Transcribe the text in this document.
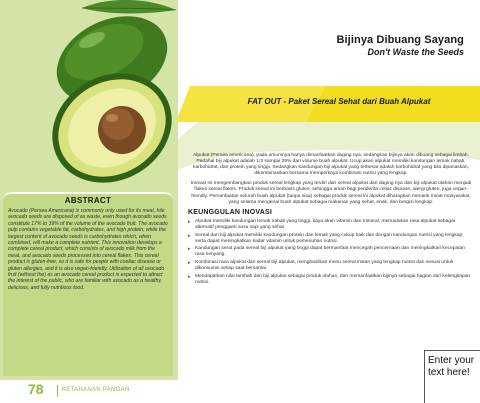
Bijinya Dibuang Sayang
Don't Waste the Seeds
FAT OUT - Paket Sereal Sehat dari Buah Alpukat

Alpukat (Persea americana), pada umumnya hanya dimanfaatkan daging nya, sedangkan bijinya akan dibuang sebagai limbah. Padahal biji alpukat adalah 1/3 sampai 29% dari volume buah alpukat. Ucup akan alpukat memiliki kandungan lemak nabati, karbohidrat, dan protein yang tinggi. Sedangkan kandungan biji alpukat yang terbesar adalah karbohidrat yang bila dipanaskan, dikombinasikan bersama memperkaya kombinasi nutrisi yang lengkap.

Inovasi ini mengembangkan produk sereal lengkap yang terdiri dari sereal alpukat dari daging nya dan biji alpukat olahan menjadi flakes sereal flakes. Produk sereal ini berbasis gluten, sehingga aman bagi penderita celiac disease, alergi gluten, juga vegan-friendly. Pemanfaatan seluruh buah alpukat (tanpa sisa) sebagai produk sereal ini alpukat diharapkan menarik minat masyarakat, yang selama mengenal buah alpukat sebagai makanan yang sehat, enak, dan bergizi lengkap.

KEUNGGULAN INOVASI
▸ Alpukat memiliki kandungan lemak nabati yang tinggi, kaya akan vitamin dan mineral, memadukan rasa alpukat sebagai alternatif pengganti susu sapi yang sehat.
▸ Sereal dari biji alpukat memiliki kandungan protein dan lemak yang cukup baik dan dengan kandungan nutrisi yang lengkap, serta dapat meningkatkan kadar vitamin untuk pemenuhan nutrisi.
▸ Kandungan serat pada sereal biji alpukat yang tinggi dapat bermanfaat mencegah pencernaan dan meningkatkan kecepatan rasa kenyang.
▸ Kombinasi rasa alpukat dan sereal biji alpukat, menghasilkan menu sereal instan yang lengkap nutrisi dan sesuai untuk dikonsumsi setiap saat bersantai.
▸ Mendapatkan nilai tambah dari biji alpukat sebagai produk olahan, dan memanfaatkan bijinya sebagai bagian dari kelengkapan nutrisi.
ABSTRACT
Avocado (Persea Americana) is commonly only used for its meat, hile avocado seeds are disposed of as waste, even though avocado seeds constitute 17% to 39% of the volume of the avocado fruit. The avocado pulp contains vegetable fat, carbohydrates, and high protein, while the largest content of avocado seeds is carbohydrates which, when combined, will make a complete nutrient. This innovation develops a complete cereal product, which consists of avocado milk from the meat, and avocado seeds processed into cereal flakes. This cereal product is gluten-free, so it is safe for people with coeliac disease or gluten allergies, and it is also vegan-friendly. Utilization of all avocado fruit (without the) as an avocado cereal product is expected to attract the interest of the public, who are familiar with avocado as a healthy, delicious, and fully nutritious food.
78	KETAHANAN PANGAN
Enter your text here!
